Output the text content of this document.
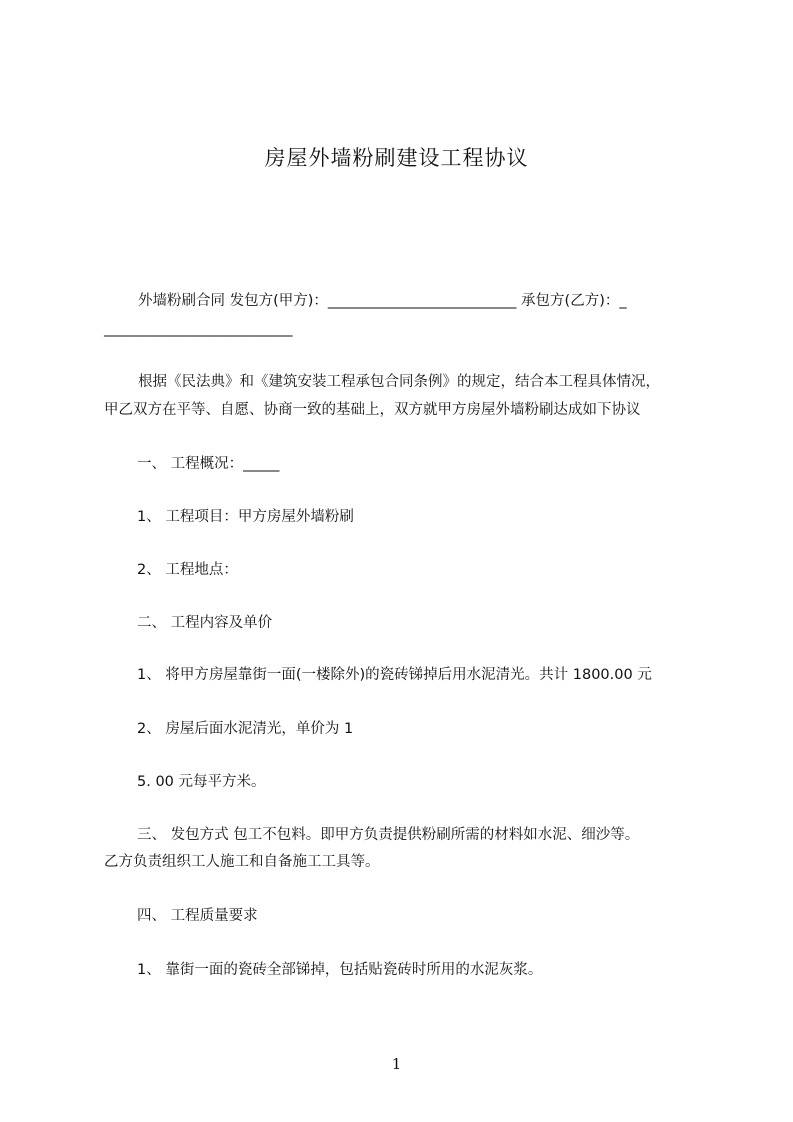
房屋外墙粉刷建设工程协议
外墙粉刷合同 发包方(甲方)：__________________________ 承包方(乙方)：_
__________________________
根据《民法典》和《建筑安装工程承包合同条例》的规定，结合本工程具体情况，
甲乙双方在平等、自愿、协商一致的基础上，双方就甲方房屋外墙粉刷达成如下协议
一、 工程概况：_____
1、 工程项目：甲方房屋外墙粉刷
2、 工程地点：
二、 工程内容及单价
1、 将甲方房屋靠街一面(一楼除外)的瓷砖锑掉后用水泥清光。共计 1800.00 元
2、 房屋后面水泥清光，单价为 1
5. 00 元每平方米。
三、 发包方式 包工不包料。即甲方负责提供粉刷所需的材料如水泥、细沙等。
乙方负责组织工人施工和自备施工工具等。
四、 工程质量要求
1、 靠街一面的瓷砖全部锑掉，包括贴瓷砖时所用的水泥灰浆。
1
